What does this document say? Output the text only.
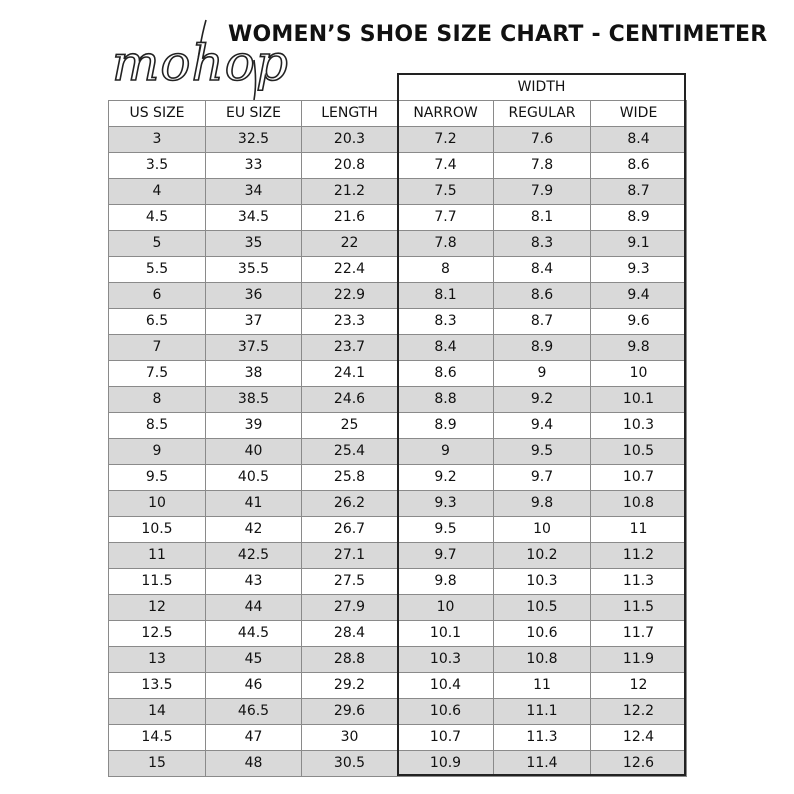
mohop
WOMEN’S SHOE SIZE CHART - CENTIMETER
WIDTH
US SIZE	EU SIZE	LENGTH	NARROW	REGULAR	WIDE
3	32.5	20.3	7.2	7.6	8.4
3.5	33	20.8	7.4	7.8	8.6
4	34	21.2	7.5	7.9	8.7
4.5	34.5	21.6	7.7	8.1	8.9
5	35	22	7.8	8.3	9.1
5.5	35.5	22.4	8	8.4	9.3
6	36	22.9	8.1	8.6	9.4
6.5	37	23.3	8.3	8.7	9.6
7	37.5	23.7	8.4	8.9	9.8
7.5	38	24.1	8.6	9	10
8	38.5	24.6	8.8	9.2	10.1
8.5	39	25	8.9	9.4	10.3
9	40	25.4	9	9.5	10.5
9.5	40.5	25.8	9.2	9.7	10.7
10	41	26.2	9.3	9.8	10.8
10.5	42	26.7	9.5	10	11
11	42.5	27.1	9.7	10.2	11.2
11.5	43	27.5	9.8	10.3	11.3
12	44	27.9	10	10.5	11.5
12.5	44.5	28.4	10.1	10.6	11.7
13	45	28.8	10.3	10.8	11.9
13.5	46	29.2	10.4	11	12
14	46.5	29.6	10.6	11.1	12.2
14.5	47	30	10.7	11.3	12.4
15	48	30.5	10.9	11.4	12.6
